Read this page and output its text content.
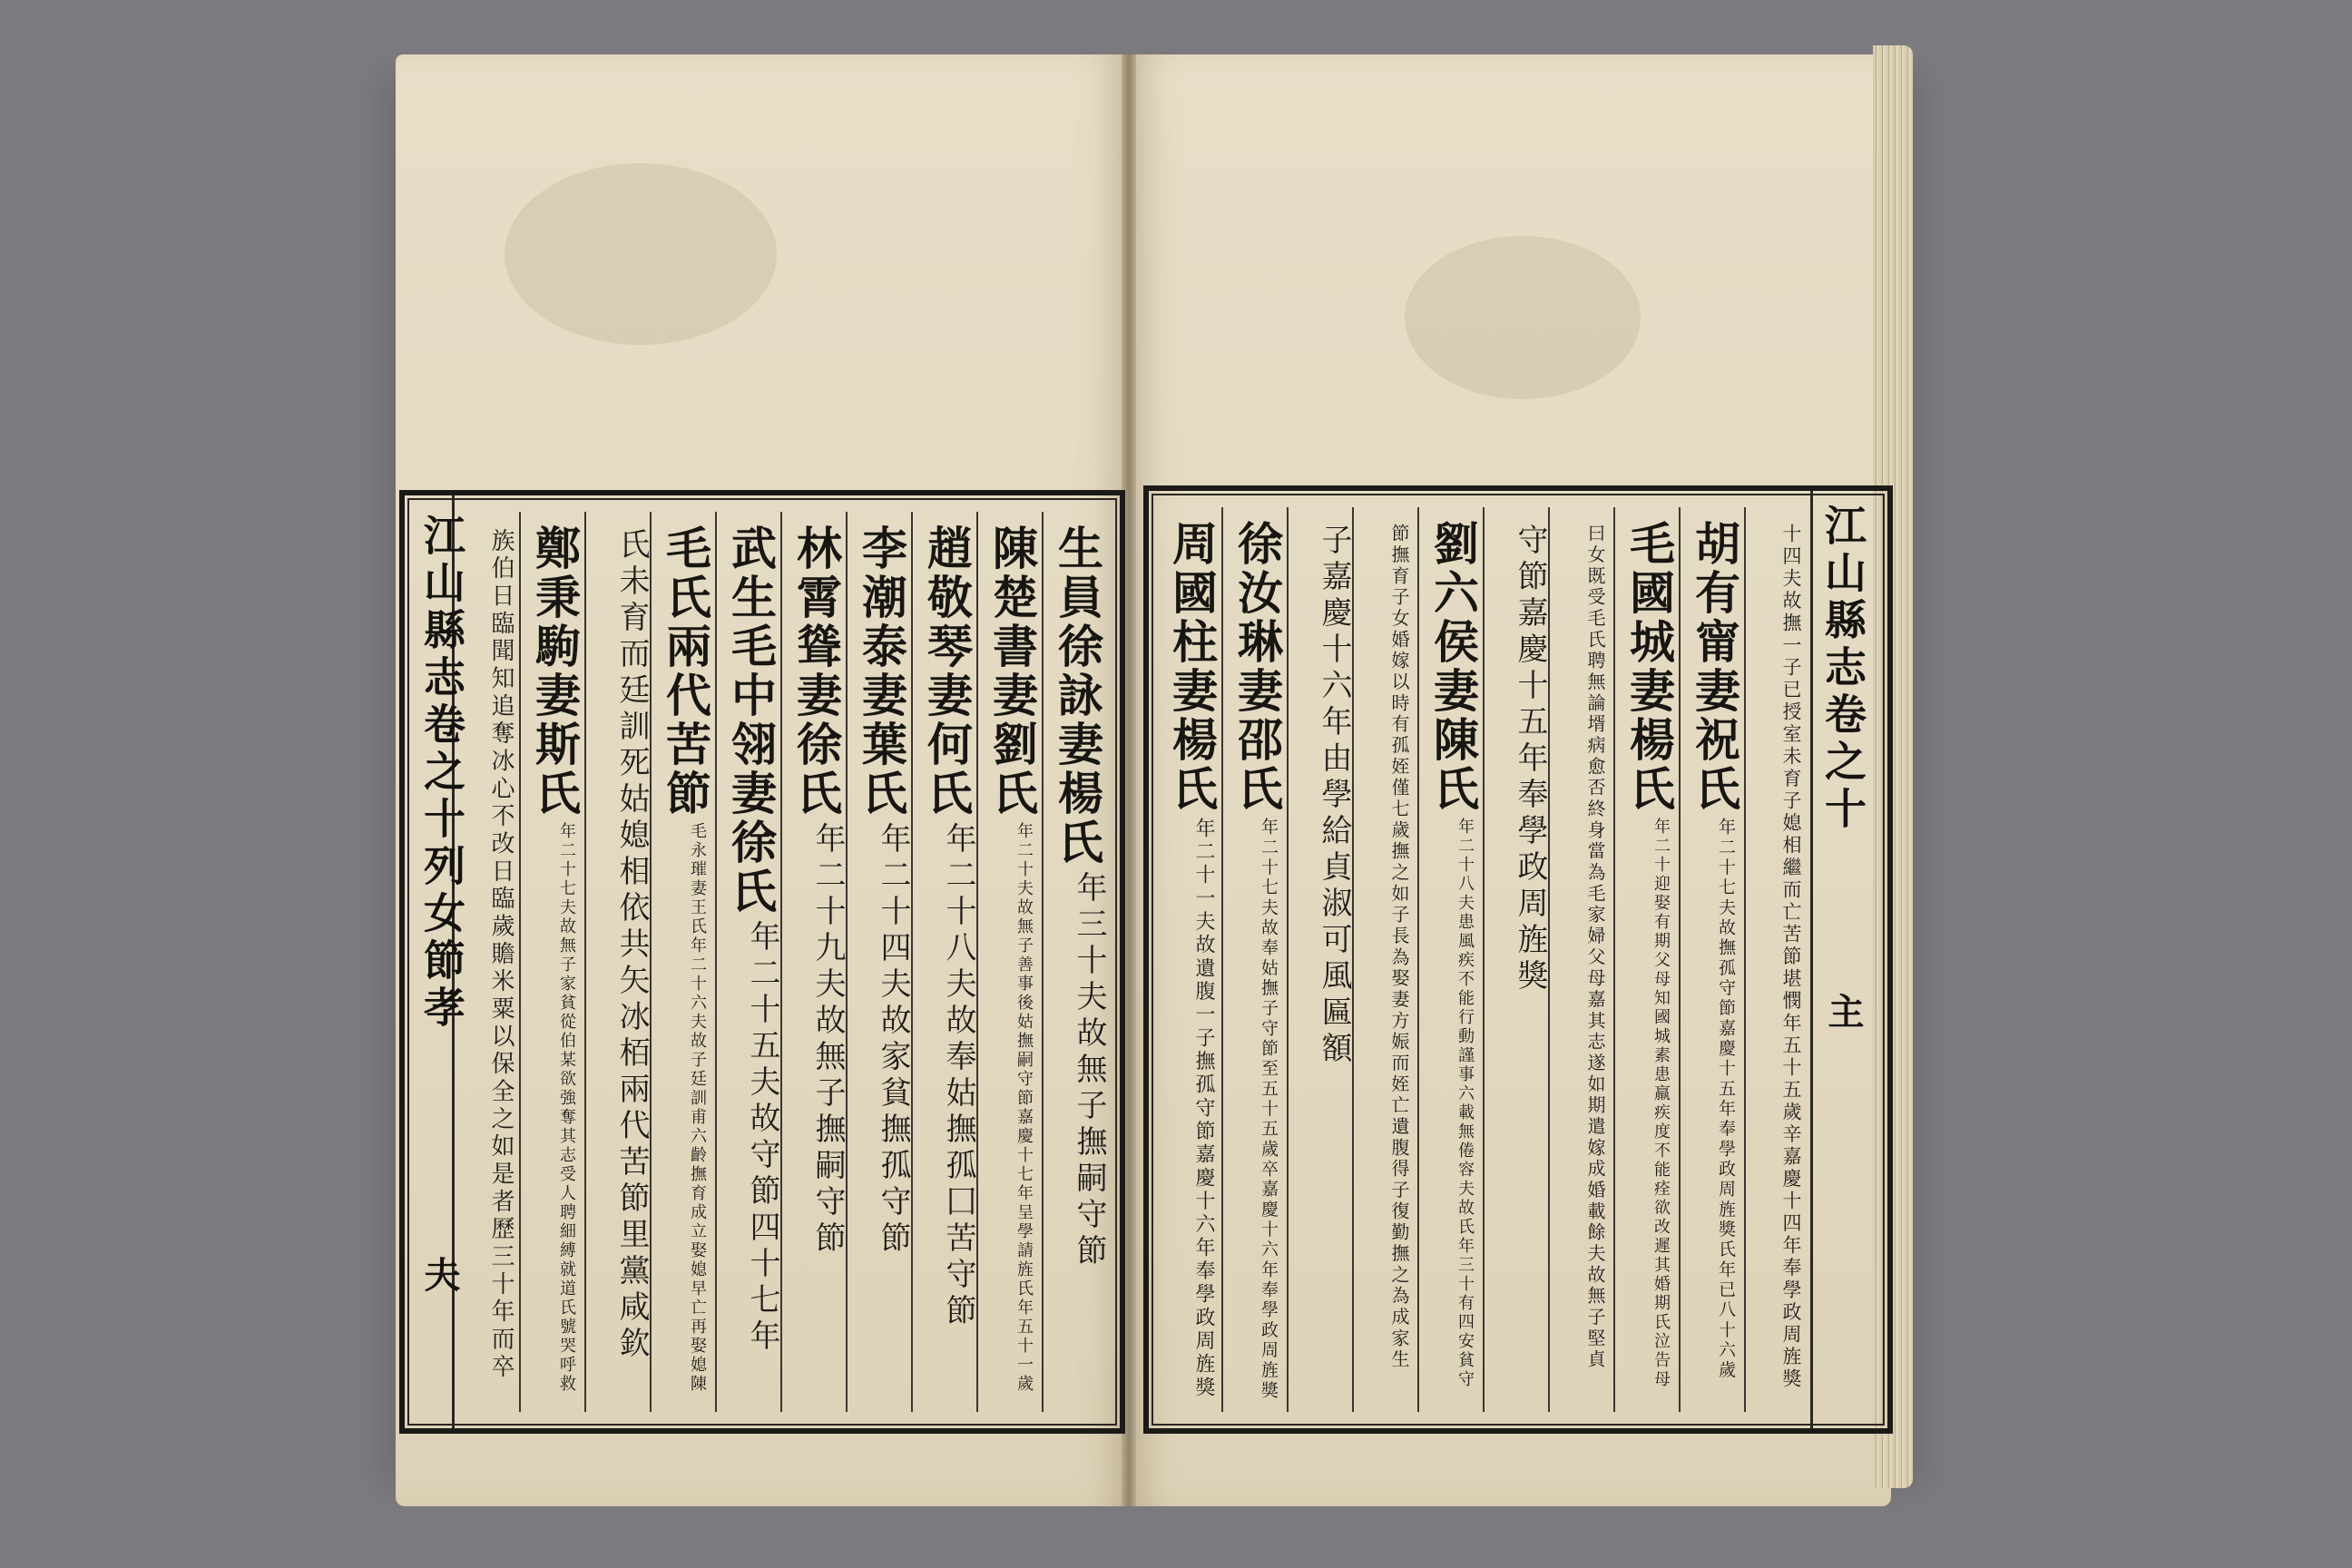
江山縣志卷之十列女節孝
夫
生員徐詠妻楊氏
年三十夫故無子撫嗣守節
陳楚書妻劉氏
年二十夫故無子善事後姑撫嗣守節嘉慶十七年呈學請旌氏年五十一歲
趙敬琴妻何氏
年二十八夫故奉姑撫孤囗苦守節
李潮泰妻葉氏
年二十四夫故家貧撫孤守節
林霄聳妻徐氏
年二十九夫故無子撫嗣守節
武生毛中翎妻徐氏
年二十五夫故守節四十七年
毛氏兩代苦節
毛永璀妻王氏年二十六夫故子廷訓甫六齡撫育成立娶媳早亡再娶媳陳
氏未育而廷訓死姑媳相依共矢冰栢兩代苦節里黨咸欽
鄭秉駒妻斯氏
年二十七夫故無子家貧從伯某欲強奪其志受人聘細縛就道氏號哭呼救
族伯日臨聞知追奪冰心不改日臨歲贍米粟以保全之如是者歷三十年而卒	江山縣志卷之十
主
十四夫故撫一子已授室未育子媳相繼而亡苦節堪憫年五十五歲辛嘉慶十四年奉學政周旌獎
胡有甯妻祝氏
年二十七夫故撫孤守節嘉慶十五年奉學政周旌獎氏年已八十六歲
毛國城妻楊氏
年二十迎娶有期父母知國城素患羸疾度不能痊欲改遲其婚期氏泣告母
曰女既受毛氏聘無論壻病愈否終身當為毛家婦父母嘉其志遂如期遣嫁成婚載餘夫故無子堅貞
守節嘉慶十五年奉學政周旌獎
劉六侯妻陳氏
年二十八夫患風疾不能行動謹事六載無倦容夫故氏年三十有四安貧守
節撫育子女婚嫁以時有孤姪僅七歲撫之如子長為娶妻方娠而姪亡遺腹得子復勤撫之為成家生
子嘉慶十六年由學給貞淑可風匾額
徐汝琳妻邵氏
年二十七夫故奉姑撫子守節至五十五歲卒嘉慶十六年奉學政周旌獎
周國柱妻楊氏
年二十一夫故遺腹一子撫孤守節嘉慶十六年奉學政周旌獎
